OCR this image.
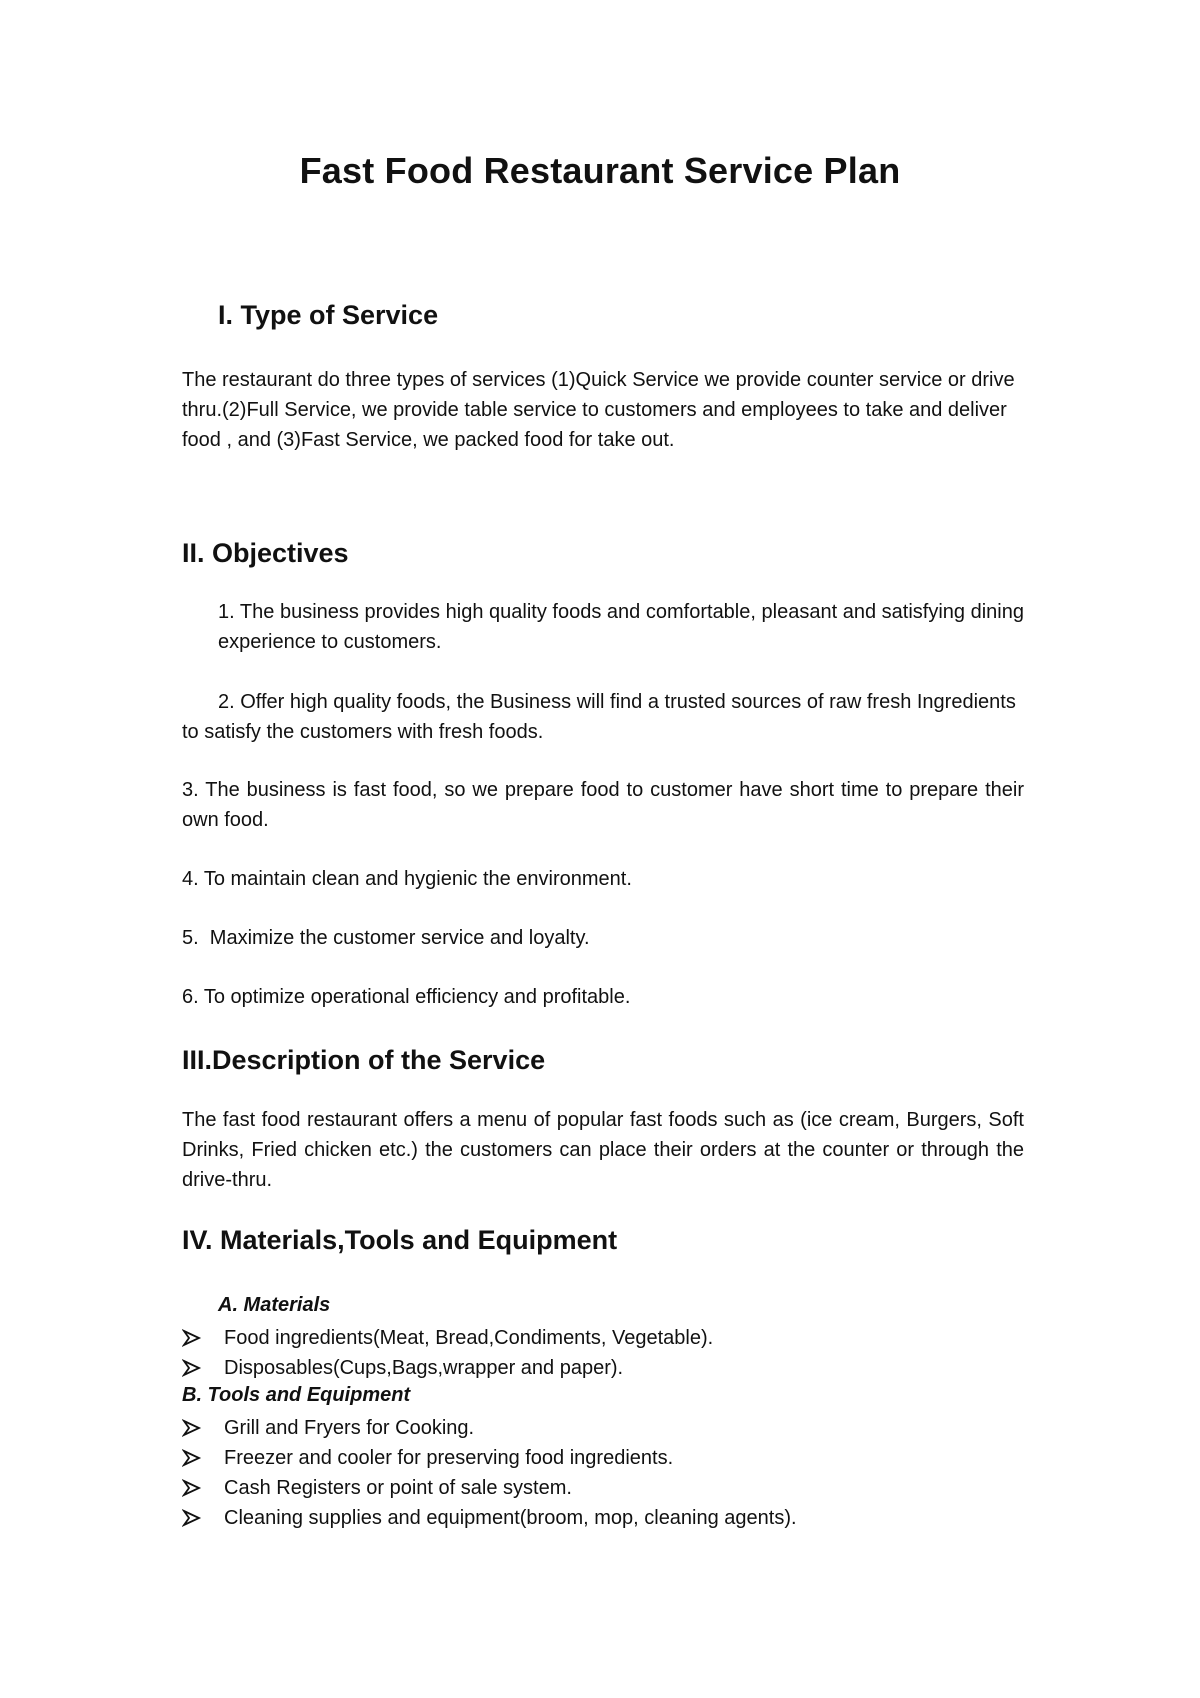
Fast Food Restaurant Service Plan
I. Type of Service

The restaurant do three types of services (1)Quick Service we provide counter service or drive thru.(2)Full Service, we provide table service to customers and employees to take and deliver food , and (3)Fast Service, we packed food for take out.

II. Objectives

1. The business provides high quality foods and comfortable, pleasant and satisfying dining experience to customers.

2. Offer high quality foods, the Business will find a trusted sources of raw fresh Ingredients to satisfy the customers with fresh foods.

3. The business is fast food, so we prepare food to customer have short time to prepare their own food.

4. To maintain clean and hygienic the environment.

5.  Maximize the customer service and loyalty.

6. To optimize operational efficiency and profitable.

III.Description of the Service

The fast food restaurant offers a menu of popular fast foods such as (ice cream, Burgers, Soft Drinks, Fried chicken etc.) the customers can place their orders at the counter or through the drive-thru.

IV. Materials,Tools and Equipment
A. Materials
Food ingredients(Meat, Bread,Condiments, Vegetable).
Disposables(Cups,Bags,wrapper and paper).
B. Tools and Equipment
Grill and Fryers for Cooking.
Freezer and cooler for preserving food ingredients.
Cash Registers or point of sale system.
Cleaning supplies and equipment(broom, mop, cleaning agents).
